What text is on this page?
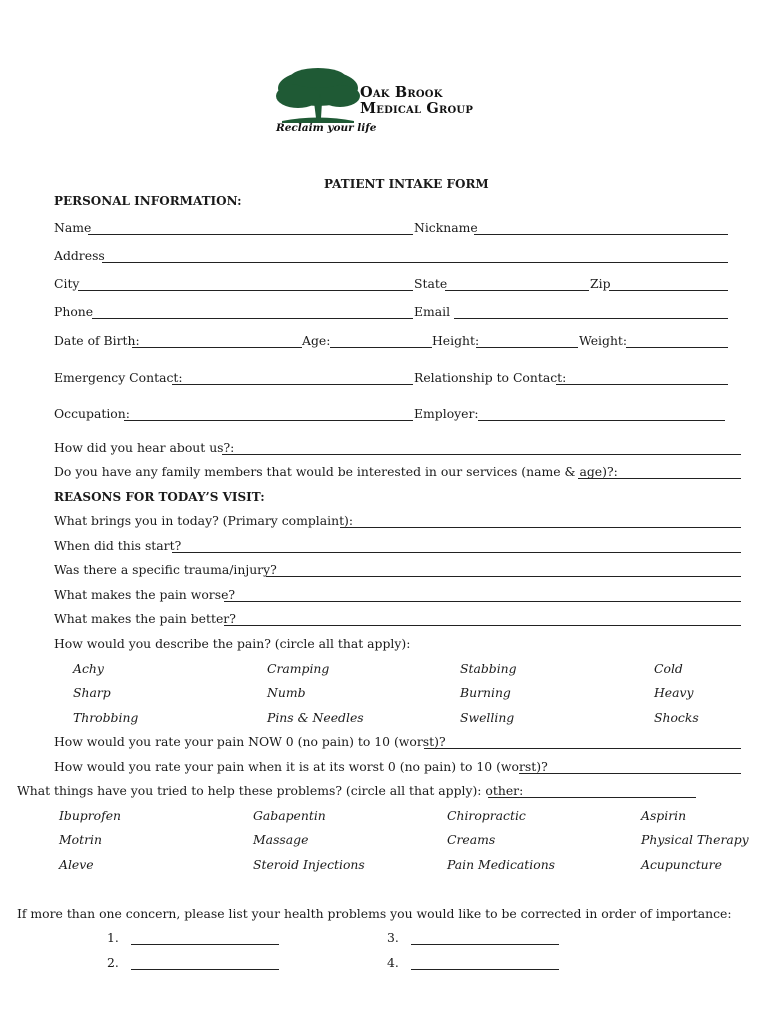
Oak Brook
Medical Group
Reclaim your life
PATIENT INTAKE FORM
PERSONAL INFORMATION:
Name	Nickname
Address
City	State	Zip
Phone	Email
Date of Birth:	Age:	Height:	Weight:
Emergency Contact:	Relationship to Contact:
Occupation:	Employer:
How did you hear about us?:
Do you have any family members that would be interested in our services (name & age)?:
REASONS FOR TODAY’S VISIT:
What brings you in today? (Primary complaint):
When did this start?
Was there a specific trauma/injury?
What makes the pain worse?
What makes the pain better?
How would you describe the pain? (circle all that apply):
Achy	Cramping	Stabbing	Cold
Sharp	Numb	Burning	Heavy
Throbbing	Pins & Needles	Swelling	Shocks
How would you rate your pain NOW 0 (no pain) to 10 (worst)?
How would you rate your pain when it is at its worst 0 (no pain) to 10 (worst)?
What things have you tried to help these problems? (circle all that apply): other:
Ibuprofen	Gabapentin	Chiropractic	Aspirin
Motrin	Massage	Creams	Physical Therapy
Aleve	Steroid Injections	Pain Medications	Acupuncture
If more than one concern, please list your health problems you would like to be corrected in order of importance:
1.
2.
3.
4.
